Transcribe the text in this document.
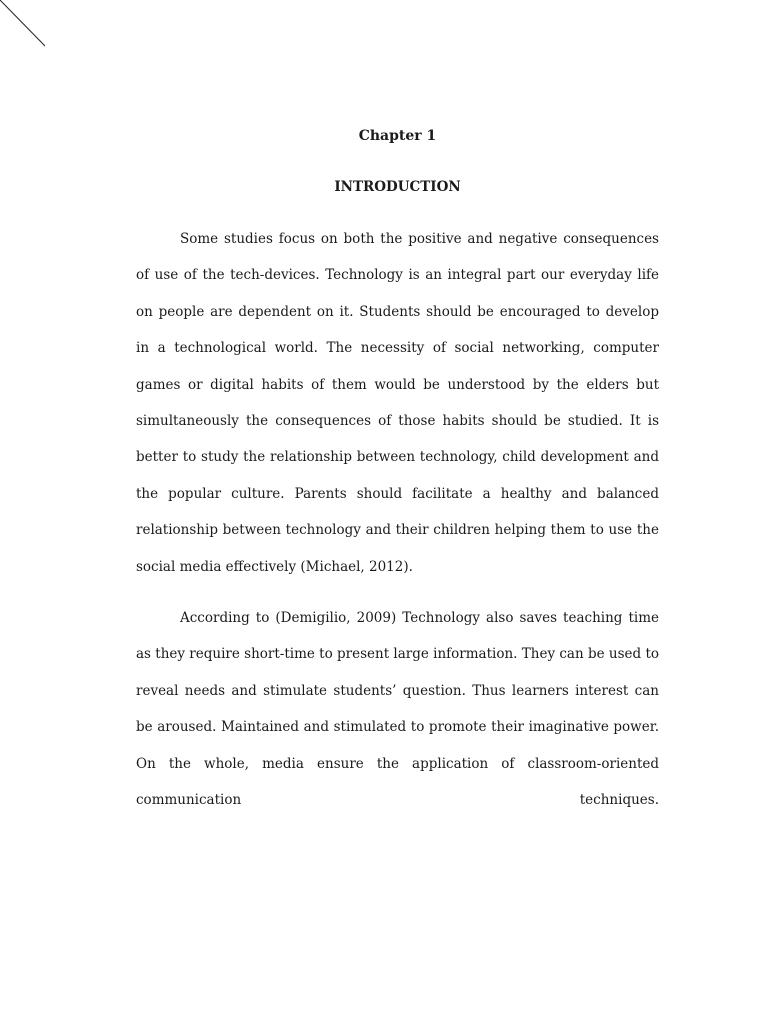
Chapter 1
INTRODUCTION

Some studies focus on both the positive and negative consequences of use of the tech-devices. Technology is an integral part our everyday life on people are dependent on it. Students should be encouraged to develop in a technological world. The necessity of social networking, computer games or digital habits of them would be understood by the elders but simultaneously the consequences of those habits should be studied. It is better to study the relationship between technology, child development and the popular culture. Parents should facilitate a healthy and balanced relationship between technology and their children helping them to use the social media effectively (Michael, 2012).

According to (Demigilio, 2009) Technology also saves teaching time as they require short-time to present large information. They can be used to reveal needs and stimulate students’ question. Thus learners interest can be aroused. Maintained and stimulated to promote their imaginative power. On the whole, media ensure the application of classroom-oriented communication techniques.
